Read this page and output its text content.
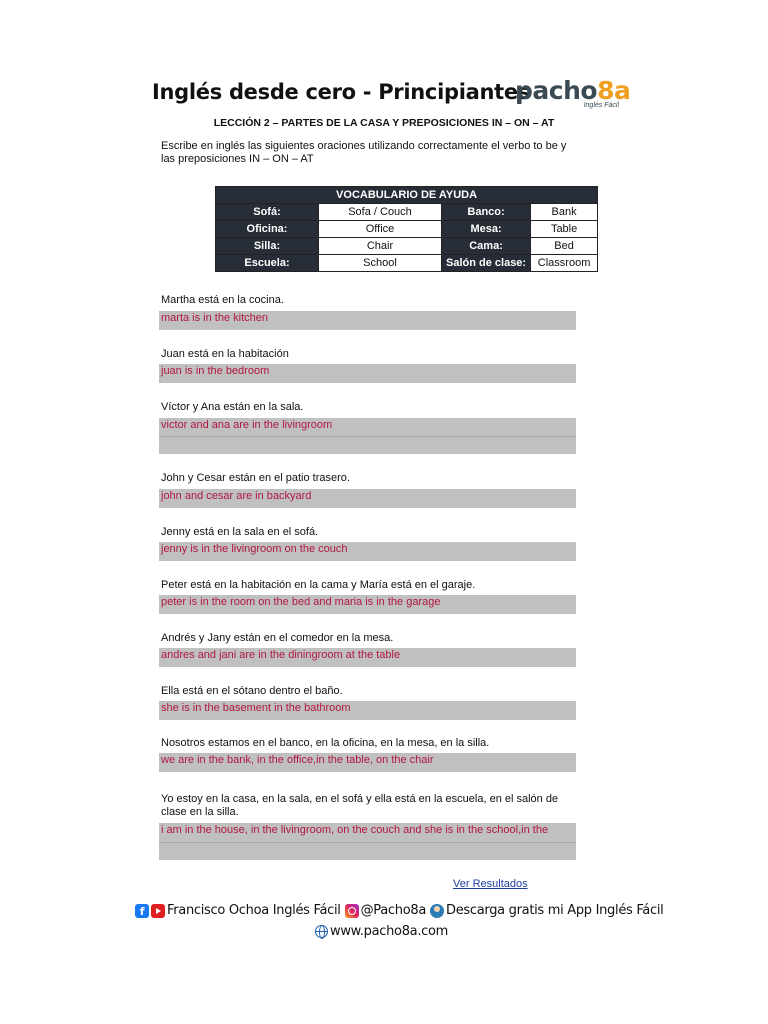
Inglés desde cero - Principiantes
pacho8a
Inglés Fácil
LECCIÓN 2 – PARTES DE LA CASA Y PREPOSICIONES IN – ON – AT
Escribe en inglés las siguientes oraciones utilizando correctamente el verbo to be y las preposiciones IN – ON – AT
VOCABULARIO DE AYUDA			
Sofá:	Sofa / Couch	Banco:	Bank
Oficina:	Office	Mesa:	Table
Silla:	Chair	Cama:	Bed
Escuela:	School	Salón de clase:	Classroom
Martha está en la cocina.
marta is in the kitchen
Juan está en la habitación
juan is in the bedroom
Víctor y Ana están en la sala.
victor and ana are in the livingroom
John y Cesar están en el patio trasero.
john and cesar are in backyard
Jenny está en la sala en el sofá.
jenny is in the livingroom on the couch
Peter está en la habitación en la cama y María está en el garaje.
peter is in the room on the bed and maria is in the garage
Andrés y Jany están en el comedor en la mesa.
andres and jani are in the diningroom at the table
Ella está en el sótano dentro el baño.
she is in the basement in the bathroom
Nosotros estamos en el banco, en la oficina, en la mesa, en la silla.
we are in the bank, in the office,in the table, on the chair
Yo estoy en la casa, en la sala, en el sofá y ella está en la escuela, en el salón de clase en la silla.
i am in the house, in the livingroom, on the couch and she is in the school,in the
Ver Resultados
f	Francisco Ochoa Inglés Fácil @Pacho8a Descarga gratis mi App Inglés Fácil
www.pacho8a.com
